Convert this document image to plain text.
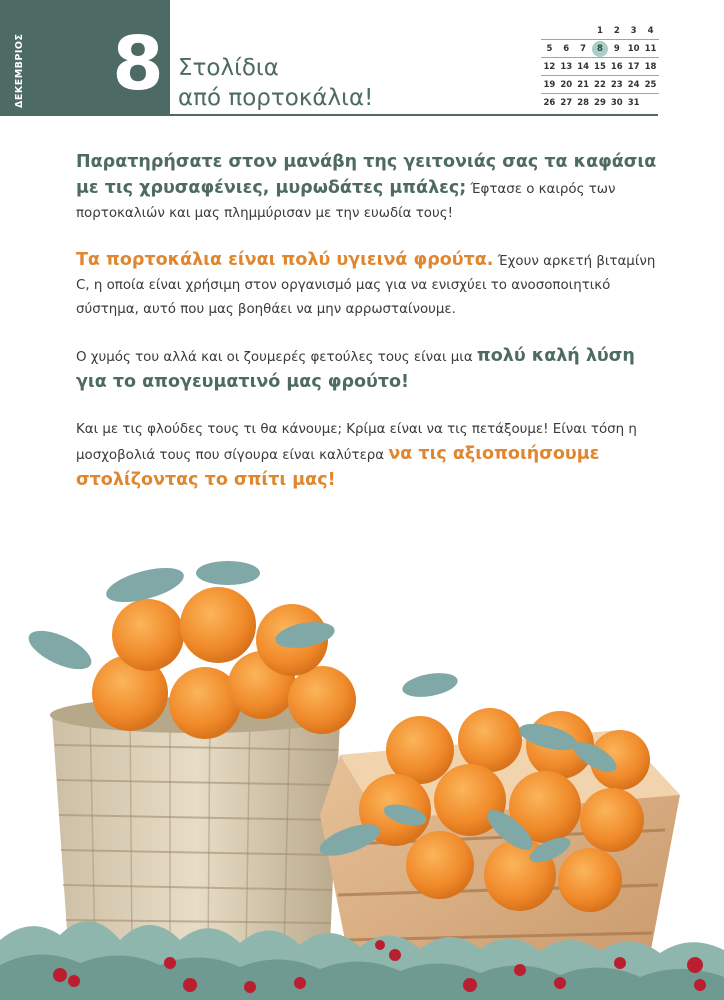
ΔΕΚΕΜΒΡΙΟΣ 8 Στολίδια
από πορτοκάλια!
			1	2	3	4
5	6	7	8	9	10	11
12	13	14	15	16	17	18
19	20	21	22	23	24	25
26	27	28	29	30	31	

Παρατηρήσατε στον μανάβη της γειτονιάς σας τα καφάσια με τις χρυσαφένιες, μυρωδάτες μπάλες; Έφτασε ο καιρός των πορτοκαλιών και μας πλημμύρισαν με την ευωδία τους!

Τα πορτοκάλια είναι πολύ υγιεινά φρούτα. Έχουν αρκετή βιταμίνη C, η οποία είναι χρήσιμη στον οργανισμό μας για να ενισχύει το ανοσοποιητικό σύστημα, αυτό που μας βοηθάει να μην αρρωσταίνουμε.

Ο χυμός του αλλά και οι ζουμερές φετούλες τους είναι μια πολύ καλή λύση για το απογευματινό μας φρούτο!

Και με τις φλούδες τους τι θα κάνουμε; Κρίμα είναι να τις πετάξουμε! Είναι τόση η μοσχοβολιά τους που σίγουρα είναι καλύτερα να τις αξιοποιήσουμε στολίζοντας το σπίτι μας!
